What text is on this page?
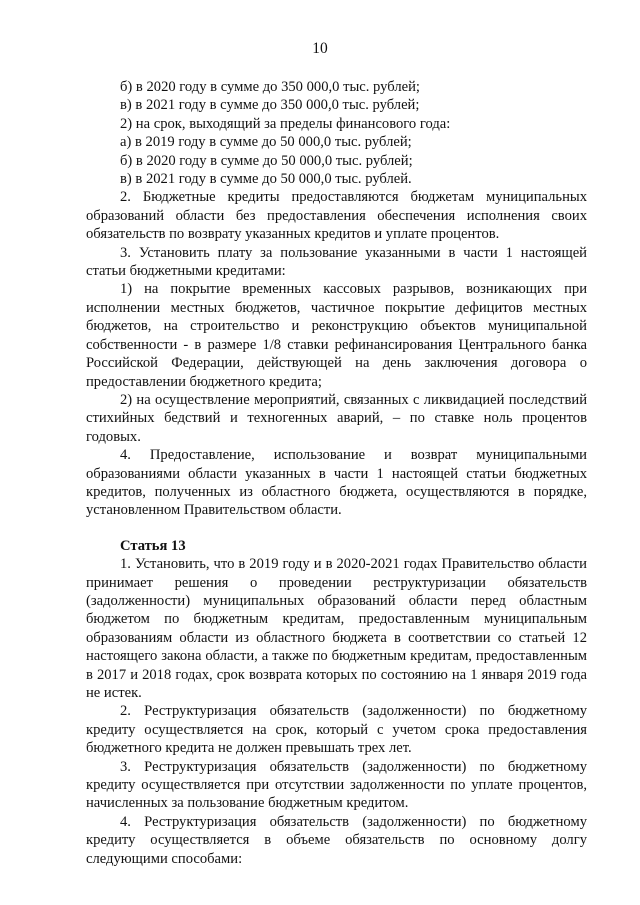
10

б) в 2020 году в сумме до 350 000,0 тыс. рублей;

в) в 2021 году в сумме до 350 000,0 тыс. рублей;

2) на срок, выходящий за пределы финансового года:

а) в 2019 году в сумме до 50 000,0 тыс. рублей;

б) в 2020 году в сумме до 50 000,0 тыс. рублей;

в) в 2021 году в сумме до 50 000,0 тыс. рублей.

2. Бюджетные кредиты предоставляются бюджетам муниципальных образований области без предоставления обеспечения исполнения своих обязательств по возврату указанных кредитов и уплате процентов.

3. Установить плату за пользование указанными в части 1 настоящей статьи бюджетными кредитами:

1) на покрытие временных кассовых разрывов, возникающих при исполнении местных бюджетов, частичное покрытие дефицитов местных бюджетов, на строительство и реконструкцию объектов муниципальной собственности - в размере 1/8 ставки рефинансирования Центрального банка Российской Федерации, действующей на день заключения договора о предоставлении бюджетного кредита;

2) на осуществление мероприятий, связанных с ликвидацией последствий стихийных бедствий и техногенных аварий, – по ставке ноль процентов годовых.

4. Предоставление, использование и возврат муниципальными образованиями области указанных в части 1 настоящей статьи бюджетных кредитов, полученных из областного бюджета, осуществляются в порядке, установленном Правительством области.

Статья 13

1. Установить, что в 2019 году и в 2020-2021 годах Правительство области принимает решения о проведении реструктуризации обязательств (задолженности) муниципальных образований области перед областным бюджетом по бюджетным кредитам, предоставленным муниципальным образованиям области из областного бюджета в соответствии со статьей 12 настоящего закона области, а также по бюджетным кредитам, предоставленным в 2017 и 2018 годах, срок возврата которых по состоянию на 1 января 2019 года не истек.

2. Реструктуризация обязательств (задолженности) по бюджетному кредиту осуществляется на срок, который с учетом срока предоставления бюджетного кредита не должен превышать трех лет.

3. Реструктуризация обязательств (задолженности) по бюджетному кредиту осуществляется при отсутствии задолженности по уплате процентов, начисленных за пользование бюджетным кредитом.

4. Реструктуризация обязательств (задолженности) по бюджетному кредиту осуществляется в объеме обязательств по основному долгу следующими способами:
